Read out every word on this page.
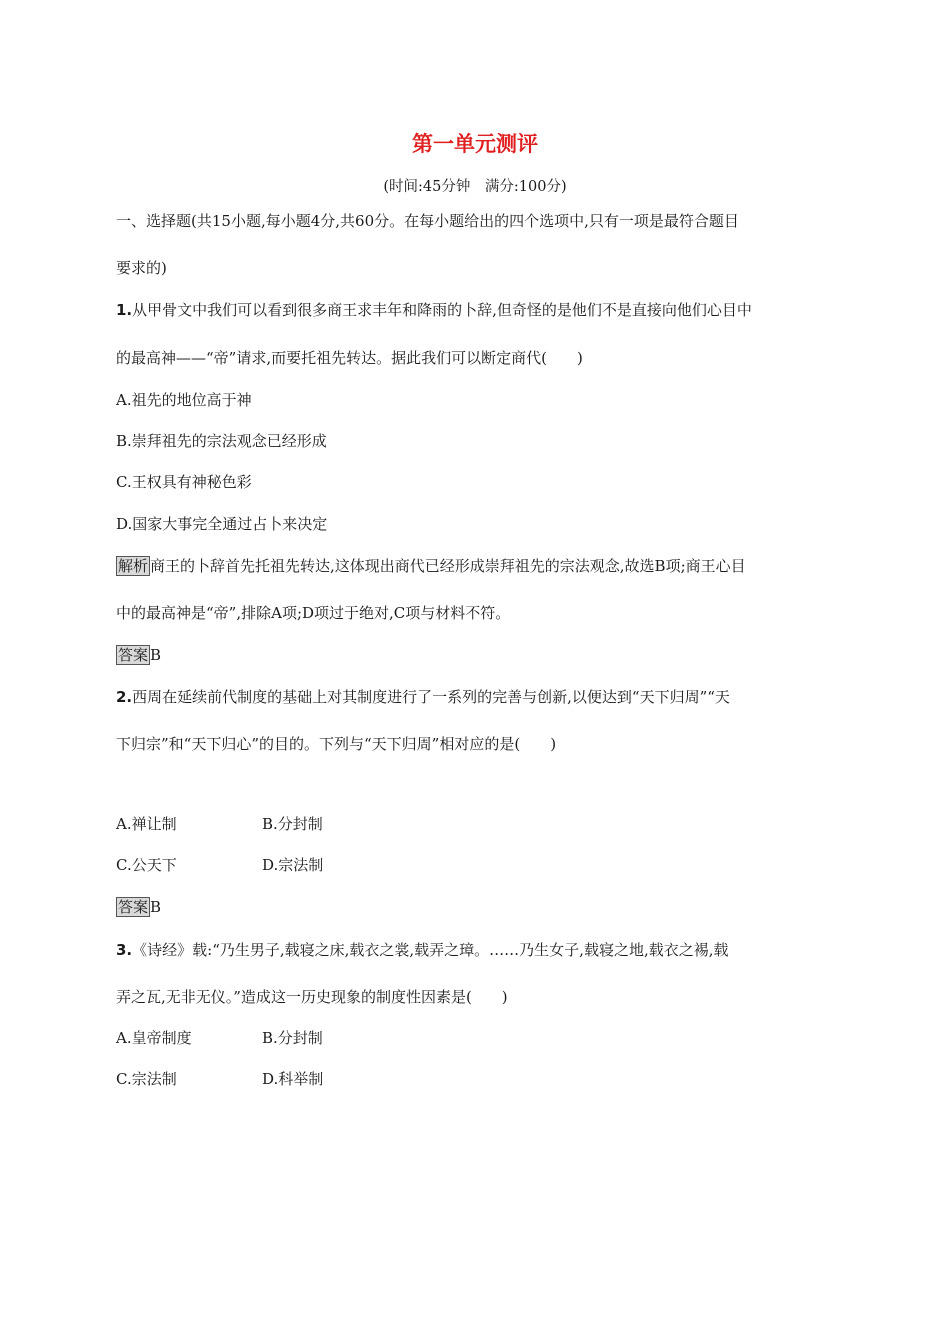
第一单元测评
(时间:45分钟　满分:100分)
一、选择题(共15小题,每小题4分,共60分。在每小题给出的四个选项中,只有一项是最符合题目
要求的)
1.从甲骨文中我们可以看到很多商王求丰年和降雨的卜辞,但奇怪的是他们不是直接向他们心目中
的最高神——“帝”请求,而要托祖先转达。据此我们可以断定商代(　　)
A.祖先的地位高于神
B.崇拜祖先的宗法观念已经形成
C.王权具有神秘色彩
D.国家大事完全通过占卜来决定
解析 商王的卜辞首先托祖先转达,这体现出商代已经形成崇拜祖先的宗法观念,故选B项;商王心目
中的最高神是“帝”,排除A项;D项过于绝对,C项与材料不符。
答案 B
2.西周在延续前代制度的基础上对其制度进行了一系列的完善与创新,以便达到“天下归周”“天
下归宗”和“天下归心”的目的。下列与“天下归周”相对应的是(　　)
A.禅让制	B.分封制
C.公天下	D.宗法制
答案 B
3.《诗经》载:“乃生男子,载寝之床,载衣之裳,载弄之璋。……乃生女子,载寝之地,载衣之裼,载
弄之瓦,无非无仪。”造成这一历史现象的制度性因素是(　　)
A.皇帝制度	B.分封制
C.宗法制	D.科举制
